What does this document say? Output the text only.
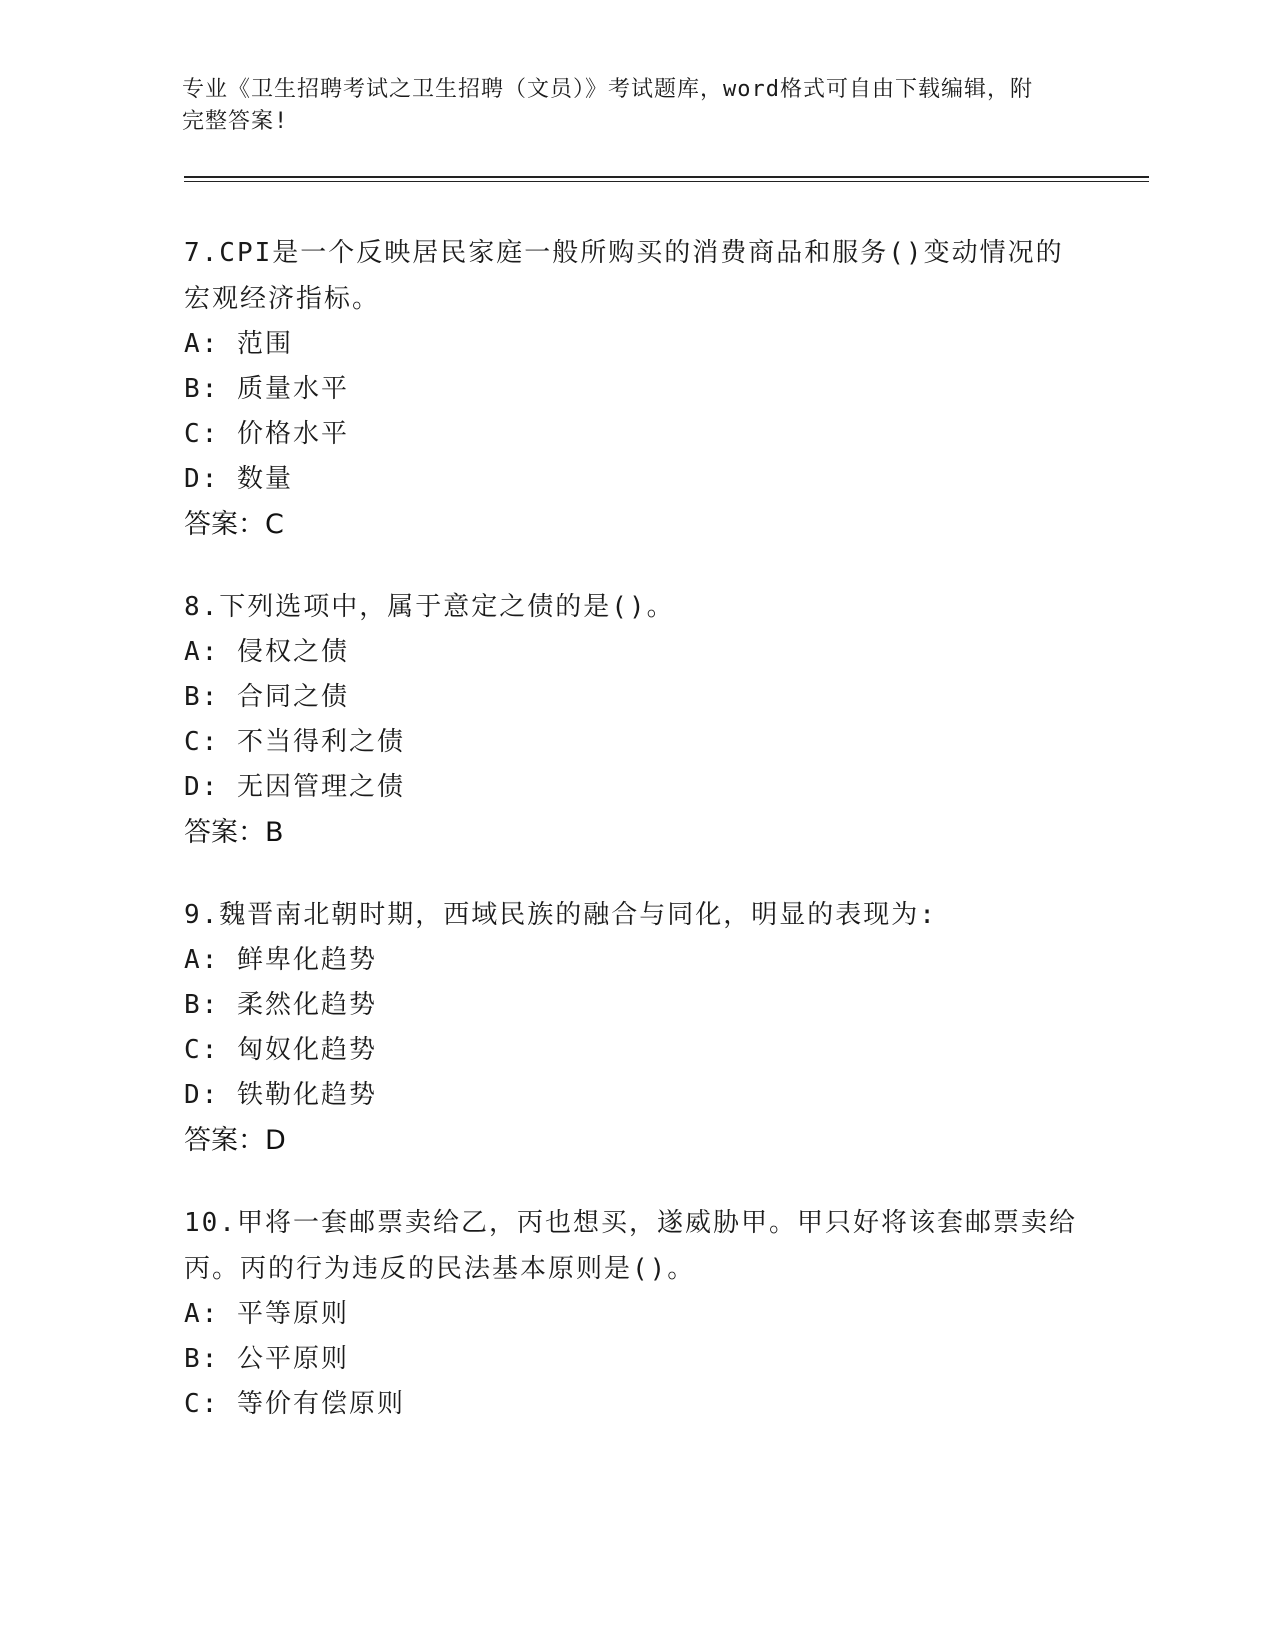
专业《卫生招聘考试之卫生招聘（文员）》考试题库，word格式可自由下载编辑，附完整答案!
7.CPI是一个反映居民家庭一般所购买的消费商品和服务()变动情况的宏观经济指标。
A: 范围
B: 质量水平
C: 价格水平
D: 数量
答案：C
8.下列选项中，属于意定之债的是()。
A: 侵权之债
B: 合同之债
C: 不当得利之债
D: 无因管理之债
答案：B
9.魏晋南北朝时期，西域民族的融合与同化，明显的表现为:
A: 鲜卑化趋势
B: 柔然化趋势
C: 匈奴化趋势
D: 铁勒化趋势
答案：D
10.甲将一套邮票卖给乙，丙也想买，遂威胁甲。甲只好将该套邮票卖给丙。丙的行为违反的民法基本原则是()。
A: 平等原则
B: 公平原则
C: 等价有偿原则
